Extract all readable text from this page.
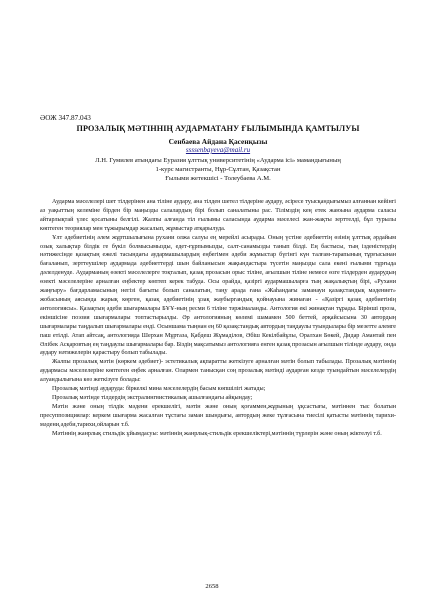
ӘОЖ 347.87.043
ПРОЗАЛЫҚ МӘТІННІҢ АУДАРМАТАНУ ҒЫЛЫМЫНДА ҚАМТЫЛУЫ
Сенбаева Айдана Қасенқызы
ssssenbayeva@mail.ru
Л.Н. Гумилев атындағы Еуразия ұлттық университетінің «Аударма ісі» мамандығының
1-курс магистранты, Нұр-Сұлтан, Қазақстан
Ғылыми жетекшісі - Толеубаева А.М.

Аударма мәселелері шет тілдерінен ана тіліне аудару, ана тілден шетел тілдеріне аудару, әсіресе туысқандығымыз алғаннан кейінгі аз уақыттың келеміне бірден бір маңызды салалардың бірі болып саналатыны рас. Тілімздің кең етек жаюына аударма саласы айтарлықтай үлес қосатыны белгілі. Жалпы алғанда тіл ғылымы саласында аударма мәселесі жан-жақты зерттелді, бұл турылы көптеген теориялар мен тұжырымдар жасалып, жұмыстар атқарылуда.

Ұлт әдебиетінің әлем жұртшылығына рухани олжа салуы ең мерейлі асырады. Оның үстіне әдебиеттің өзінің ұлттық әрдайым озық халықтар білдік ге бүкіл болмысымызды, едет-ғұрпымызды, салт-санамызды танып білді. Ең бастысы, тың ізденістердің нәтижесінде қазақтың ежелі тасындағы аудармашылардың еңбегімен әдеби жұмыстар бүгінгі күн талғам-тарапының тұрғысынан бағаланып, зерттеушілер аудармада әдебиеттерді шын байланысын жақындастыра түсетін маңызды сала екені ғылыми тұрғыда дәлелденуде. Аударманың өзекті мәселелерге тоқталып, қазақ прозасын орыс тіліне, ағылшын тіліне немесе өзге тілдерден аударудың өзекті мәселелеріне арналған еңбектер көптеп керек табуда. Осы орайда, қазіргі аудармашыларға тың жақалықтың бірі, «Рухани жаңғыру» бағдарламасының негізі бағыты болып саналатын, таңу арада ғана «Жаһандағы заманауи қазақстандық мәдениет» жобасының аясында жарық көрген, қазақ әдебиетінің ұзақ жаубыргандық қойнауына жинаған - «Қазіргі қазақ әдебиетінің антологиясы». Қазақтың әдеби шығармалары БҰҰ-ның ресми 6 тіліне тәржімаланды. Антология екі жинақтан тұрады. Бірінші проза, екіншісіне поэзия шығармалары топтастырылды. Әр антологияның көлемі шамамен 500 беттей, әрқайсысына 30 автордың шығармалары таңдалып шығармалары енді. Осыншама тыңнан ең 60 қазақстандық автордың таңдаулы туындылары бір мезетте алемге паш етілді. Атап айтсақ, антологияда Шерхан Мұртаза, Қабдеш Жұмаділов, Әбіш Кекілбайұлы, Оралхан Бөкей, Дидар Амантай пен Әлібек Асқаровтың ең таңдаулы шығармалары бар. Біздің мақсатымыз антологияға енген қазақ прозасын ағылшын тілінде аудару, онда аудару нәтижелерін қарастыру болып табылады.

Жалпы прозалық мәтін (көркем әдебиет)- эстетикалық ақпаратты жеткізуге арналған мәтін болып табылады. Прозалық мәтіннің аудармасы мәселелеріне көптеген еңбек арналған. Олармен танысқан соң прозалық мәтінді аударған кезде туындайтын мәселелердің алуандылығына көз жеткізуге болады:

Прозалық мәтінді аударуда: біркелкі мина мәселелердің басым көпшілігі жатады;

Прозалық мәтінде тілдердің экстралингвистикалық ашылғандағы айқындау;

Мәтін және оның тілдік мәдени ерекшелігі, мәтін және оның қоғаммен,жұрының ұқсастығы, мәтіннен тыс болатын пресуппозициялар: керкем шығарма жасалған тұстағы заман шындығы, автордың жеке тұлғасына тиесілі қатысты мәтіннің тарихи-мәдени,әдеби,тарихи,ойларын т.б.

Мәтіннің жанрлық стильдік ұйымдасуы: мәтіннің жанрлық-стильдік ерекшеліктері,мәтіннің түрлерін және оның жіктелуі т.б.

2658
